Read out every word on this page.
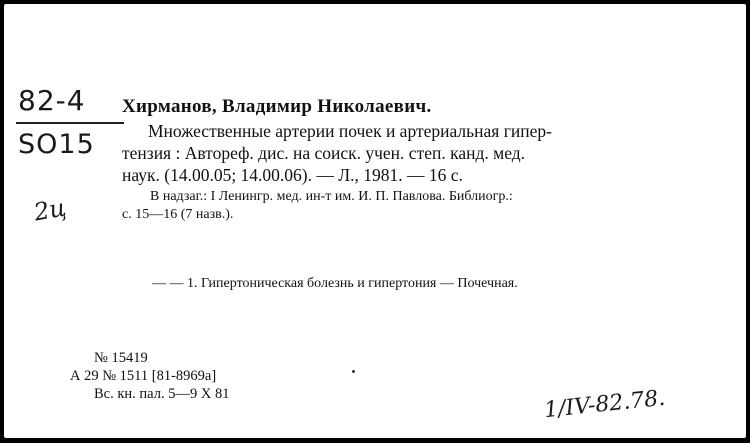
82-4
SO15
2ц
Хирманов, Владимир Николаевич.
Множественные артерии почек и артериальная гипер-
тензия : Автореф. дис. на соиск. учен. степ. канд. мед.
наук. (14.00.05; 14.00.06). — Л., 1981. — 16 с.
В надзаг.: I Ленингр. мед. ин-т им. И. П. Павлова. Библиогр.:
с. 15—16 (7 назв.).
— — 1. Гипертоническая болезнь и гипертония — Почечная.
№ 15419
А 29 № 1511 [81-8969а]
Вс. кн. пал. 5—9 Х 81	1/IV-82.78.
